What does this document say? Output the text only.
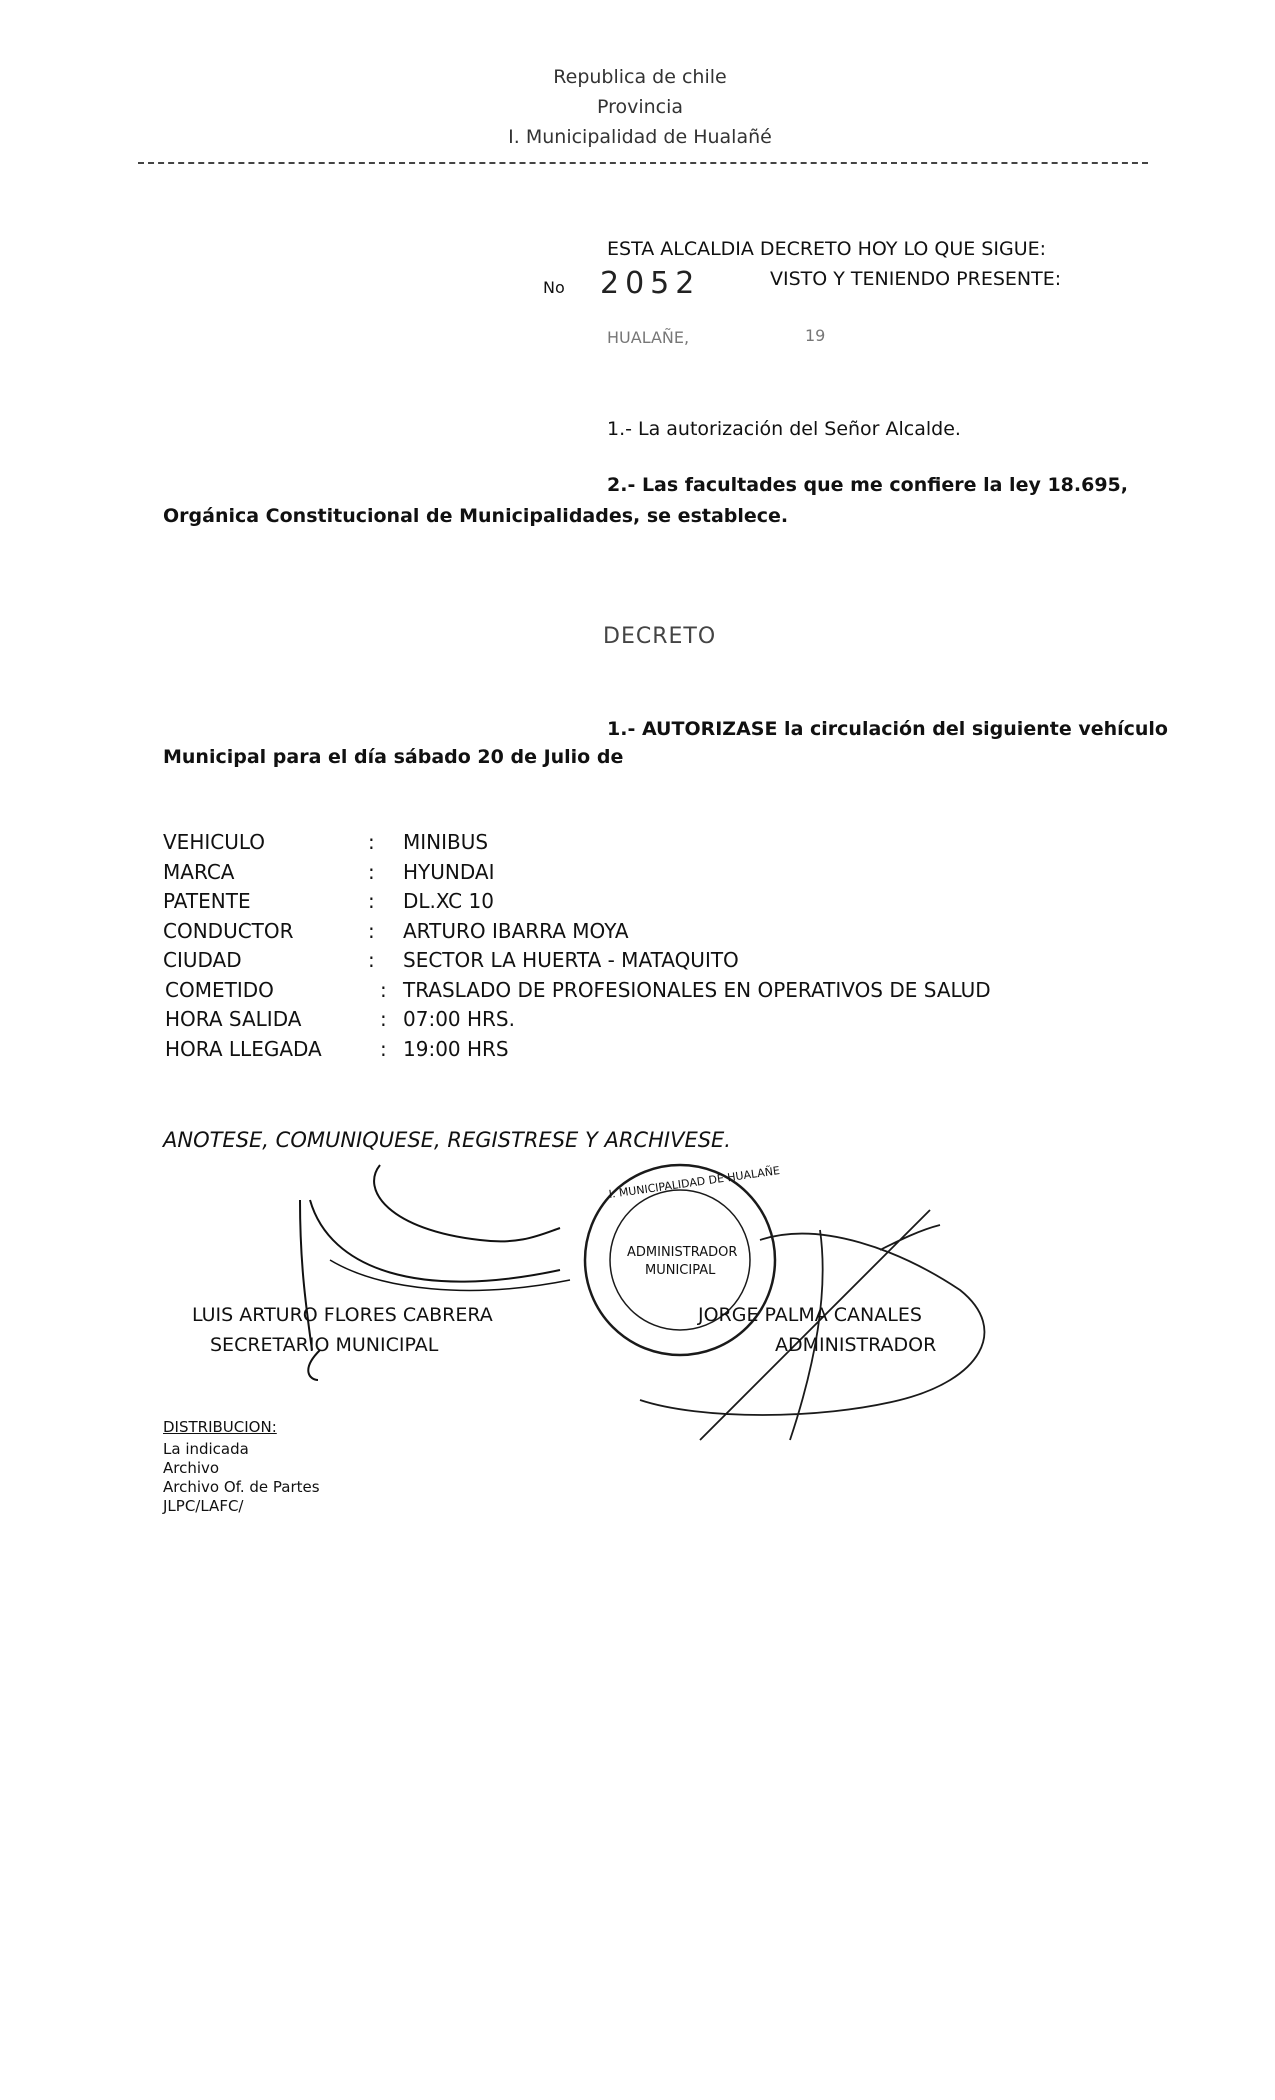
Republica de chile
Provincia
I. Municipalidad de Hualañé
ESTA ALCALDIA DECRETO HOY LO QUE SIGUE:
No 2052	VISTO Y TENIENDO PRESENTE:
HUALAÑE,	19
1.- La autorización del Señor Alcalde.
2.- Las facultades que me confiere la ley 18.695,
Orgánica Constitucional de Municipalidades, se establece.
DECRETO
1.- AUTORIZASE la circulación del siguiente vehículo
Municipal para el día sábado 20 de Julio de
VEHICULO	: MINIBUS
MARCA	: HYUNDAI
PATENTE	: DL.XC 10
CONDUCTOR	: ARTURO IBARRA MOYA
CIUDAD	: SECTOR LA HUERTA - MATAQUITO
COMETIDO	: TRASLADO DE PROFESIONALES EN OPERATIVOS DE SALUD
HORA SALIDA	: 07:00 HRS.
HORA LLEGADA	: 19:00 HRS
ANOTESE, COMUNIQUESE, REGISTRESE Y ARCHIVESE.
I. MUNICIPALIDAD DE HUALAÑE
ADMINISTRADOR
MUNICIPAL
LUIS ARTURO FLORES CABRERA
SECRETARIO MUNICIPAL
JORGE PALMA CANALES
ADMINISTRADOR
DISTRIBUCION:
La indicada
Archivo
Archivo Of. de Partes
JLPC/LAFC/
